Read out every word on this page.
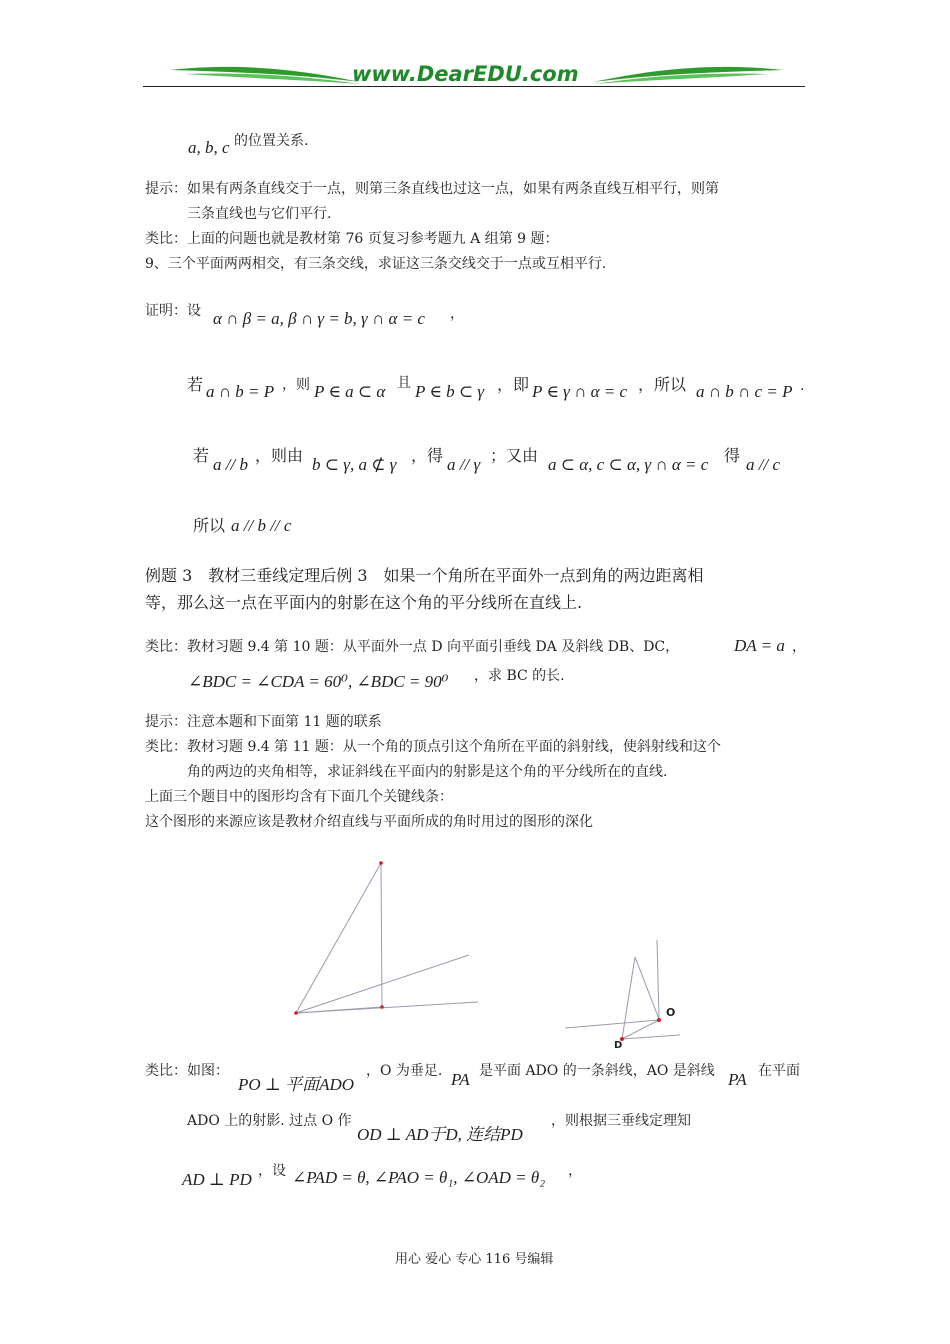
www.DearEDU.com
a, b, c 的位置关系.
提示：如果有两条直线交于一点，则第三条直线也过这一点，如果有两条直线互相平行，则第
三条直线也与它们平行.
类比：上面的问题也就是教材第 76 页复习参考题九 A 组第 9 题：
9、三个平面两两相交，有三条交线，求证这三条交线交于一点或互相平行.
证明：设 α ∩ β = a, β ∩ γ = b, γ ∩ α = c ，
若 a ∩ b = P ，则 P ∈ a ⊂ α 且 P ∈ b ⊂ γ ，即 P ∈ γ ∩ α = c ，所以 a ∩ b ∩ c = P .
若 a // b ，则由 b ⊂ γ, a ⊄ γ ，得 a // γ ；又由 a ⊂ α, c ⊂ α, γ ∩ α = c 得 a // c
所以 a // b // c
例题 3　教材三垂线定理后例 3　如果一个角所在平面外一点到角的两边距离相
等，那么这一点在平面内的射影在这个角的平分线所在直线上.
类比：教材习题 9.4 第 10 题：从平面外一点 D 向平面引垂线 DA 及斜线 DB、DC，	DA = a ，
∠BDC = ∠CDA = 60⁰, ∠BDC = 90⁰ ，求 BC 的长.
提示：注意本题和下面第 11 题的联系
类比：教材习题 9.4 第 11 题：从一个角的顶点引这个角所在平面的斜射线，使斜射线和这个
角的两边的夹角相等，求证斜线在平面内的射影是这个角的平分线所在的直线.
上面三个题目中的图形均含有下面几个关键线条：
这个图形的来源应该是教材介绍直线与平面所成的角时用过的图形的深化
O
D
类比：如图：
PO ⊥ 平面ADO
，O 为垂足. PA 是平面 ADO 的一条斜线，AO 是斜线 PA 在平面
ADO 上的射影. 过点 O 作
OD ⊥ AD于D, 连结PD
，则根据三垂线定理知
AD ⊥ PD ，设 ∠PAD = θ, ∠PAO = θ₁, ∠OAD = θ₂ ，
用心 爱心 专心 116 号编辑
